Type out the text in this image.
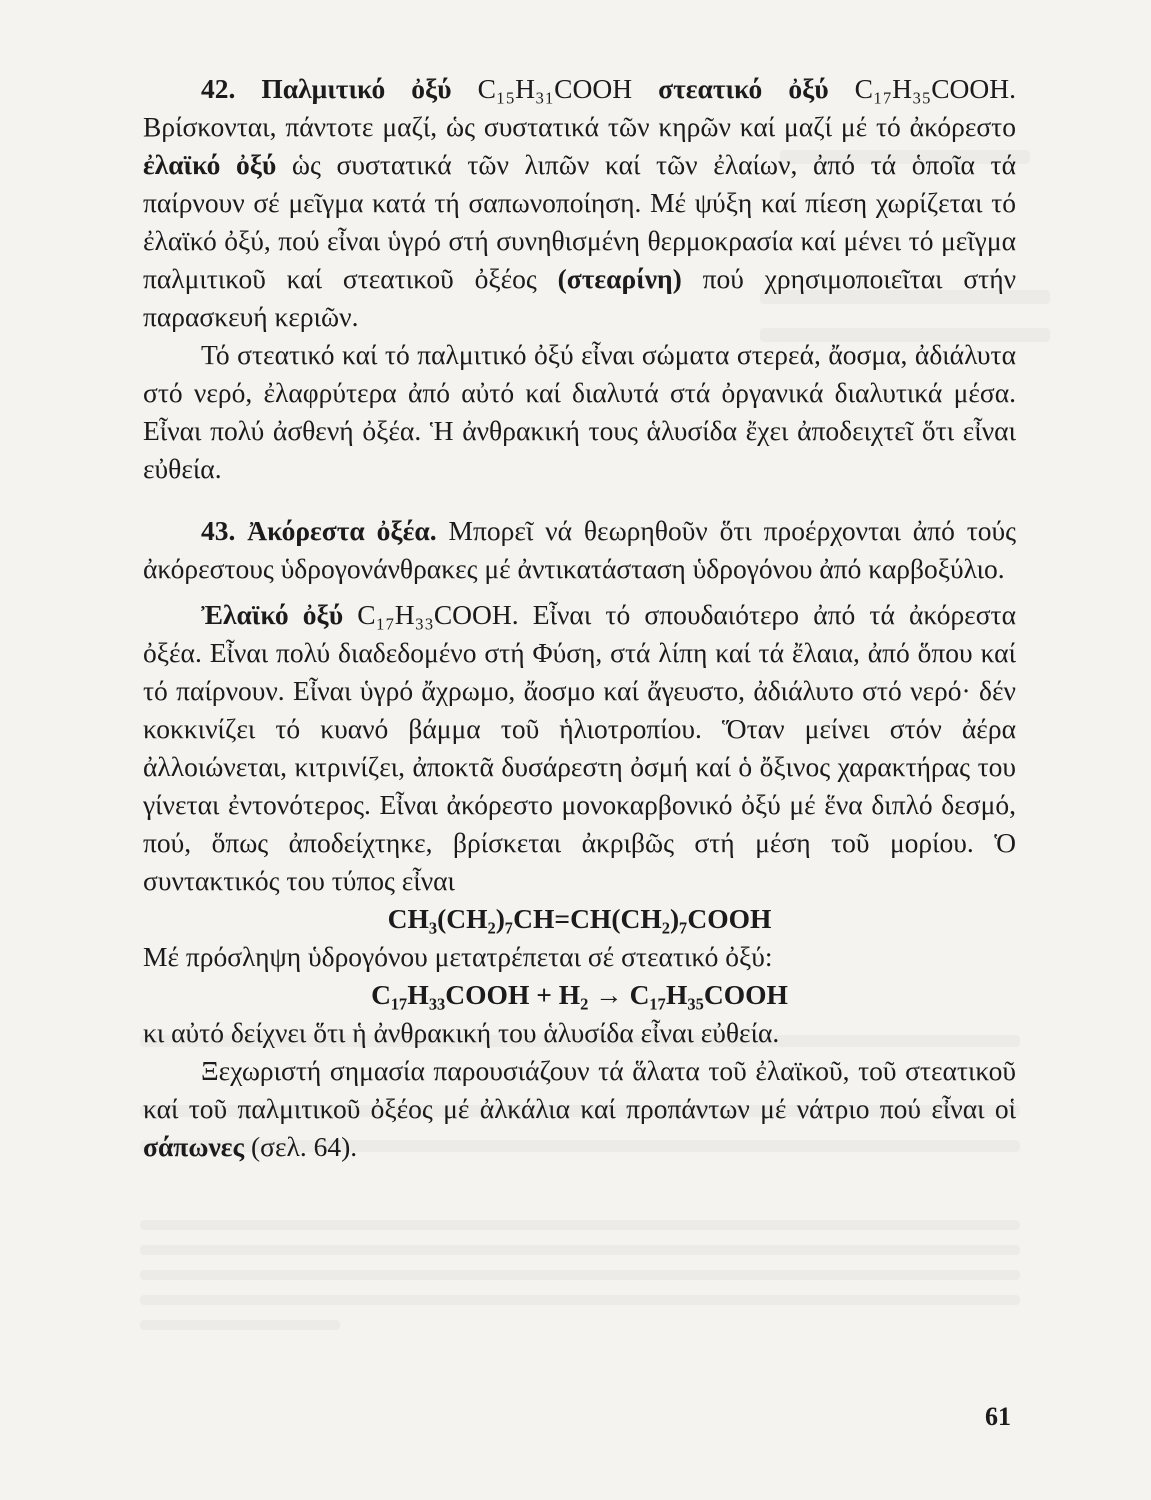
42. Παλμιτικό ὀξύ C₁₅H₃₁COOH στεατικό ὀξύ C₁₇H₃₅COOH. Βρίσκονται, πάντοτε μαζί, ὡς συστατικά τῶν κηρῶν καί μαζί μέ τό ἀκόρεστο ἐλαϊκό ὀξύ ὡς συστατικά τῶν λιπῶν καί τῶν ἐλαίων, ἀπό τά ὁποῖα τά παίρνουν σέ μεῖγμα κατά τή σαπωνοποίηση. Μέ ψύξη καί πίεση χωρίζεται τό ἐλαϊκό ὀξύ, πού εἶναι ὑγρό στή συνηθισμένη θερμοκρασία καί μένει τό μεῖγμα παλμιτικοῦ καί στεατικοῦ ὀξέος (στεαρίνη) πού χρησιμοποιεῖται στήν παρασκευή κεριῶν.

Τό στεατικό καί τό παλμιτικό ὀξύ εἶναι σώματα στερεά, ἄοσμα, ἀδιάλυτα στό νερό, ἐλαφρύτερα ἀπό αὐτό καί διαλυτά στά ὀργανικά διαλυτικά μέσα. Εἶναι πολύ ἀσθενή ὀξέα. Ἡ ἀνθρακική τους ἁλυσίδα ἔχει ἀποδειχτεῖ ὅτι εἶναι εὐθεία.

43. Ἀκόρεστα ὀξέα. Μπορεῖ νά θεωρηθοῦν ὅτι προέρχονται ἀπό τούς ἀκόρεστους ὑδρογονάνθρακες μέ ἀντικατάσταση ὑδρογόνου ἀπό καρβοξύλιο.

Ἐλαϊκό ὀξύ C₁₇H₃₃COOH. Εἶναι τό σπουδαιότερο ἀπό τά ἀκόρεστα ὀξέα. Εἶναι πολύ διαδεδομένο στή Φύση, στά λίπη καί τά ἔλαια, ἀπό ὅπου καί τό παίρνουν. Εἶναι ὑγρό ἄχρωμο, ἄοσμο καί ἄγευστο, ἀδιάλυτο στό νερό· δέν κοκκινίζει τό κυανό βάμμα τοῦ ἡλιοτροπίου. Ὅταν μείνει στόν ἀέρα ἀλλοιώνεται, κιτρινίζει, ἀποκτᾶ δυσάρεστη ὀσμή καί ὁ ὄξινος χαρακτήρας του γίνεται ἐντονότερος. Εἶναι ἀκόρεστο μονοκαρβονικό ὀξύ μέ ἕνα διπλό δεσμό, πού, ὅπως ἀποδείχτηκε, βρίσκεται ἀκριβῶς στή μέση τοῦ μορίου. Ὁ συντακτικός του τύπος εἶναι

CH₃(CH₂)₇CH=CH(CH₂)₇COOH

Μέ πρόσληψη ὑδρογόνου μετατρέπεται σέ στεατικό ὀξύ:

C₁₇H₃₃COOH + H₂ → C₁₇H₃₅COOH

κι αὐτό δείχνει ὅτι ἡ ἀνθρακική του ἁλυσίδα εἶναι εὐθεία.

Ξεχωριστή σημασία παρουσιάζουν τά ἅλατα τοῦ ἐλαϊκοῦ, τοῦ στεατικοῦ καί τοῦ παλμιτικοῦ ὀξέος μέ ἀλκάλια καί προπάντων μέ νάτριο πού εἶναι οἱ σάπωνες (σελ. 64).

61
